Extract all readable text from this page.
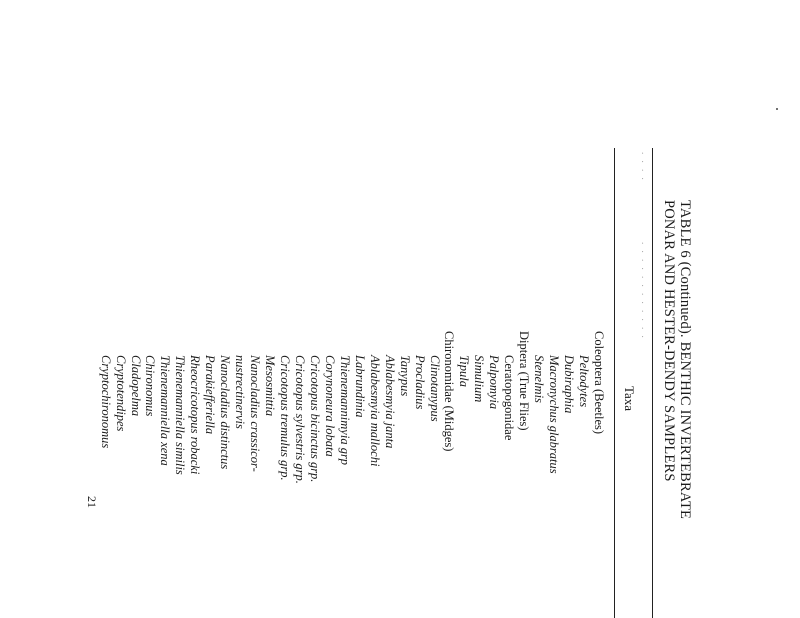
TABLE 6 (Continued). BENTHIC INVERTEBRATE
PONAR AND HESTER-DENDY SAMPLERS
. . . .
. . . . . . . . . . . .
Taxa
Coleoptera (Beetles)
Peltodytes
Dubiraphia
Macronychus glabratus
Stenelmis
Diptera (True Flies)
Ceratopogonidae
Palpomyia
Simulium
Tipula
Chironomidae (Midges)
Clinotanypus
Procladius
Tanypus
Ablabesmyia janta
Ablabesmyia mallochi
Labrundinia
Thienemannimyia grp
Corynoneura lobata
Cricotopus bicinctus grp.
Cricotopus sylvestris grp.
Cricotopus tremulus grp.
Mesosmittia
Nanocladius crassicor-
nustrectinervis
Nanocladius distinctus
Parakiefferiella
Rheocricotopus robacki
Thienemanniella similis
Thienemanniella xena
Chironomus
Cladopelma
Cryptotendipes
Cryptochironomus
21
